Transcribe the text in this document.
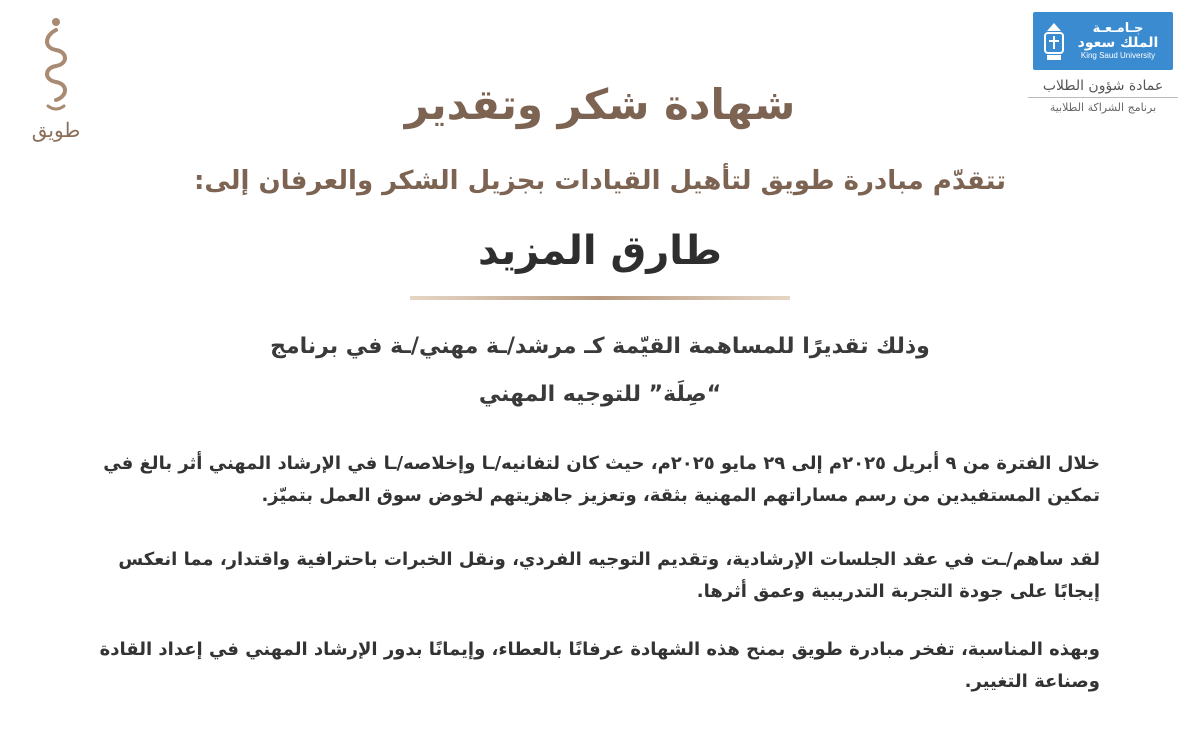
طويق
جـامـعـة
الملك سعود
King Saud University
عمادة شؤون الطلاب
برنامج الشراكة الطلابية
شهادة شكر وتقدير
تتقدّم مبادرة طويق لتأهيل القيادات بجزيل الشكر والعرفان إلى:
طارق المزيد
وذلك تقديرًا للمساهمة القيّمة كـ مرشد/ـة مهني/ـة في برنامج
“صِلَة” للتوجيه المهني

خلال الفترة من ٩ أبريل ٢٠٢٥م إلى ٢٩ مايو ٢٠٢٥م، حيث كان لتفانيه/ـا وإخلاصه/ـا في الإرشاد المهني أثر بالغ في تمكين المستفيدين من رسم مساراتهم المهنية بثقة، وتعزيز جاهزيتهم لخوض سوق العمل بتميّز.

لقد ساهم/ـت في عقد الجلسات الإرشادية، وتقديم التوجيه الفردي، ونقل الخبرات باحترافية واقتدار، مما انعكس إيجابًا على جودة التجربة التدريبية وعمق أثرها.

وبهذه المناسبة، تفخر مبادرة طويق بمنح هذه الشهادة عرفانًا بالعطاء، وإيمانًا بدور الإرشاد المهني في إعداد القادة وصناعة التغيير.
